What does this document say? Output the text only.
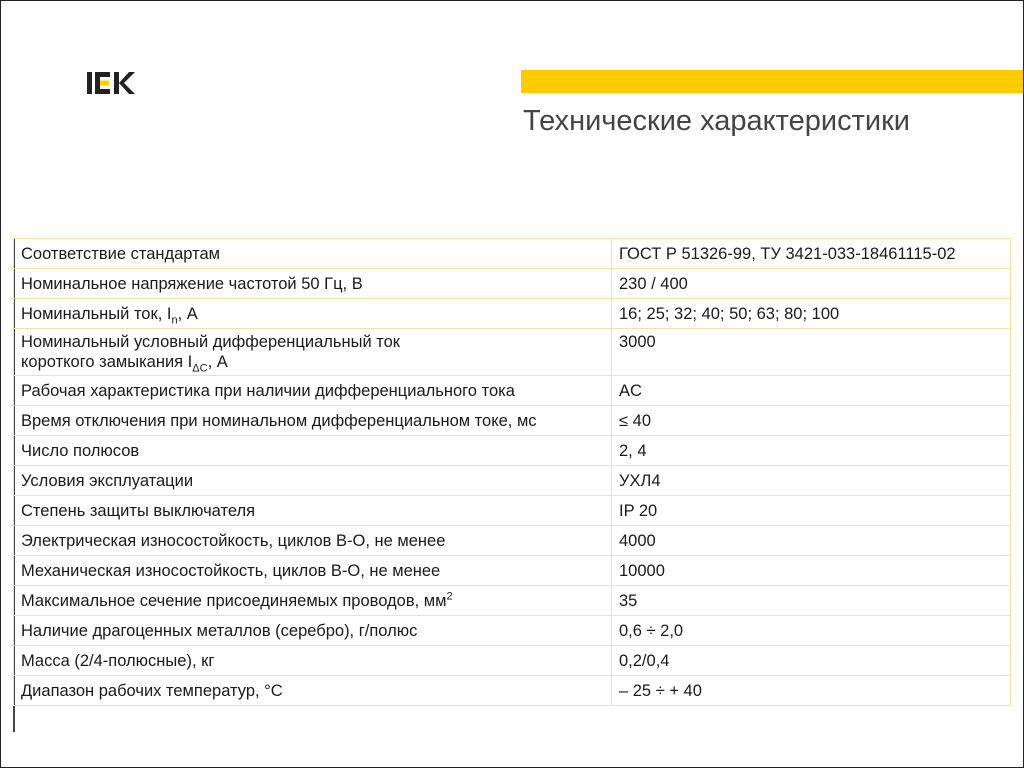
Технические характеристики
Соответствие стандартам	ГОСТ Р 51326-99, ТУ 3421-033-18461115-02
Номинальное напряжение частотой 50 Гц, В	230 / 400
Номинальный ток, $I_n$, А	16; 25; 32; 40; 50; 63; 80; 100
Номинальный условный дифференциальный ток
короткого замыкания $I_{\Delta C}$, А	3000
Рабочая характеристика при наличии дифференциального тока	AC
Время отключения при номинальном дифференциальном токе, мс	≤ 40
Число полюсов	2, 4
Условия эксплуатации	УХЛ4
Степень защиты выключателя	IP 20
Электрическая износостойкость, циклов В-О, не менее	4000
Механическая износостойкость, циклов В-О, не менее	10000
Максимальное сечение присоединяемых проводов, $мм^2$	35
Наличие драгоценных металлов (серебро), г/полюс	0,6 ÷ 2,0
Масса (2/4-полюсные), кг	0,2/0,4
Диапазон рабочих температур, °С	– 25 ÷ + 40
